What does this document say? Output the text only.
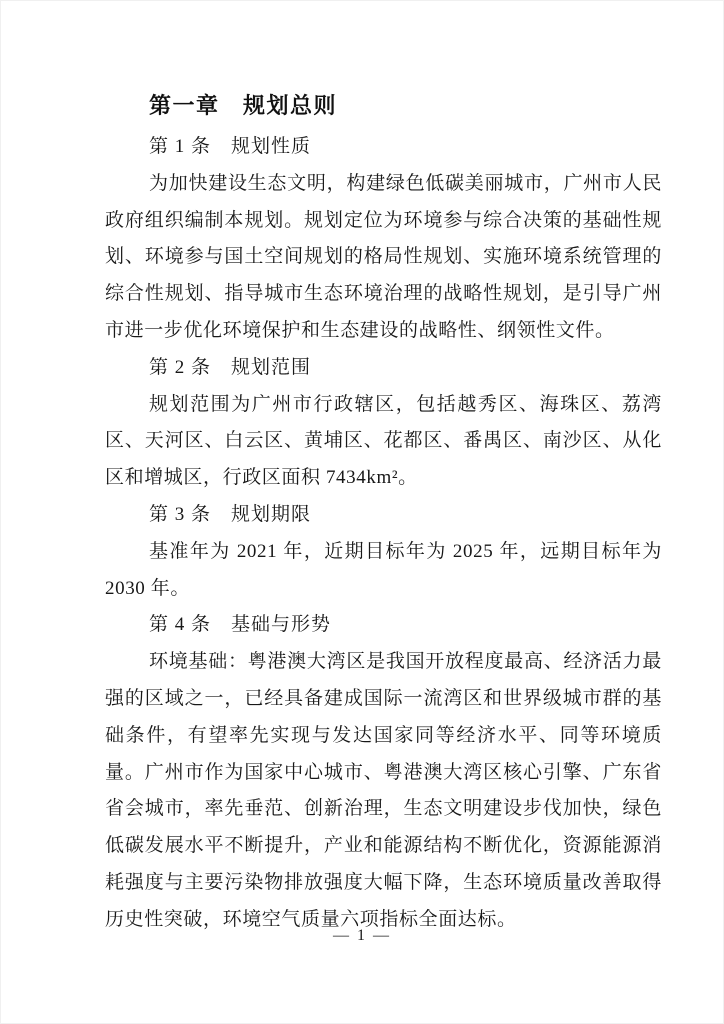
第一章　规划总则
第 1 条　规划性质

为加快建设生态文明，构建绿色低碳美丽城市，广州市人民政府组织编制本规划。规划定位为环境参与综合决策的基础性规划、环境参与国土空间规划的格局性规划、实施环境系统管理的综合性规划、指导城市生态环境治理的战略性规划，是引导广州市进一步优化环境保护和生态建设的战略性、纲领性文件。

第 2 条　规划范围

规划范围为广州市行政辖区，包括越秀区、海珠区、荔湾区、天河区、白云区、黄埔区、花都区、番禺区、南沙区、从化区和增城区，行政区面积 7434km²。

第 3 条　规划期限

基准年为 2021 年，近期目标年为 2025 年，远期目标年为 2030 年。

第 4 条　基础与形势

环境基础：粤港澳大湾区是我国开放程度最高、经济活力最强的区域之一，已经具备建成国际一流湾区和世界级城市群的基础条件，有望率先实现与发达国家同等经济水平、同等环境质量。广州市作为国家中心城市、粤港澳大湾区核心引擎、广东省省会城市，率先垂范、创新治理，生态文明建设步伐加快，绿色低碳发展水平不断提升，产业和能源结构不断优化，资源能源消耗强度与主要污染物排放强度大幅下降，生态环境质量改善取得历史性突破，环境空气质量六项指标全面达标。

— 1 —
